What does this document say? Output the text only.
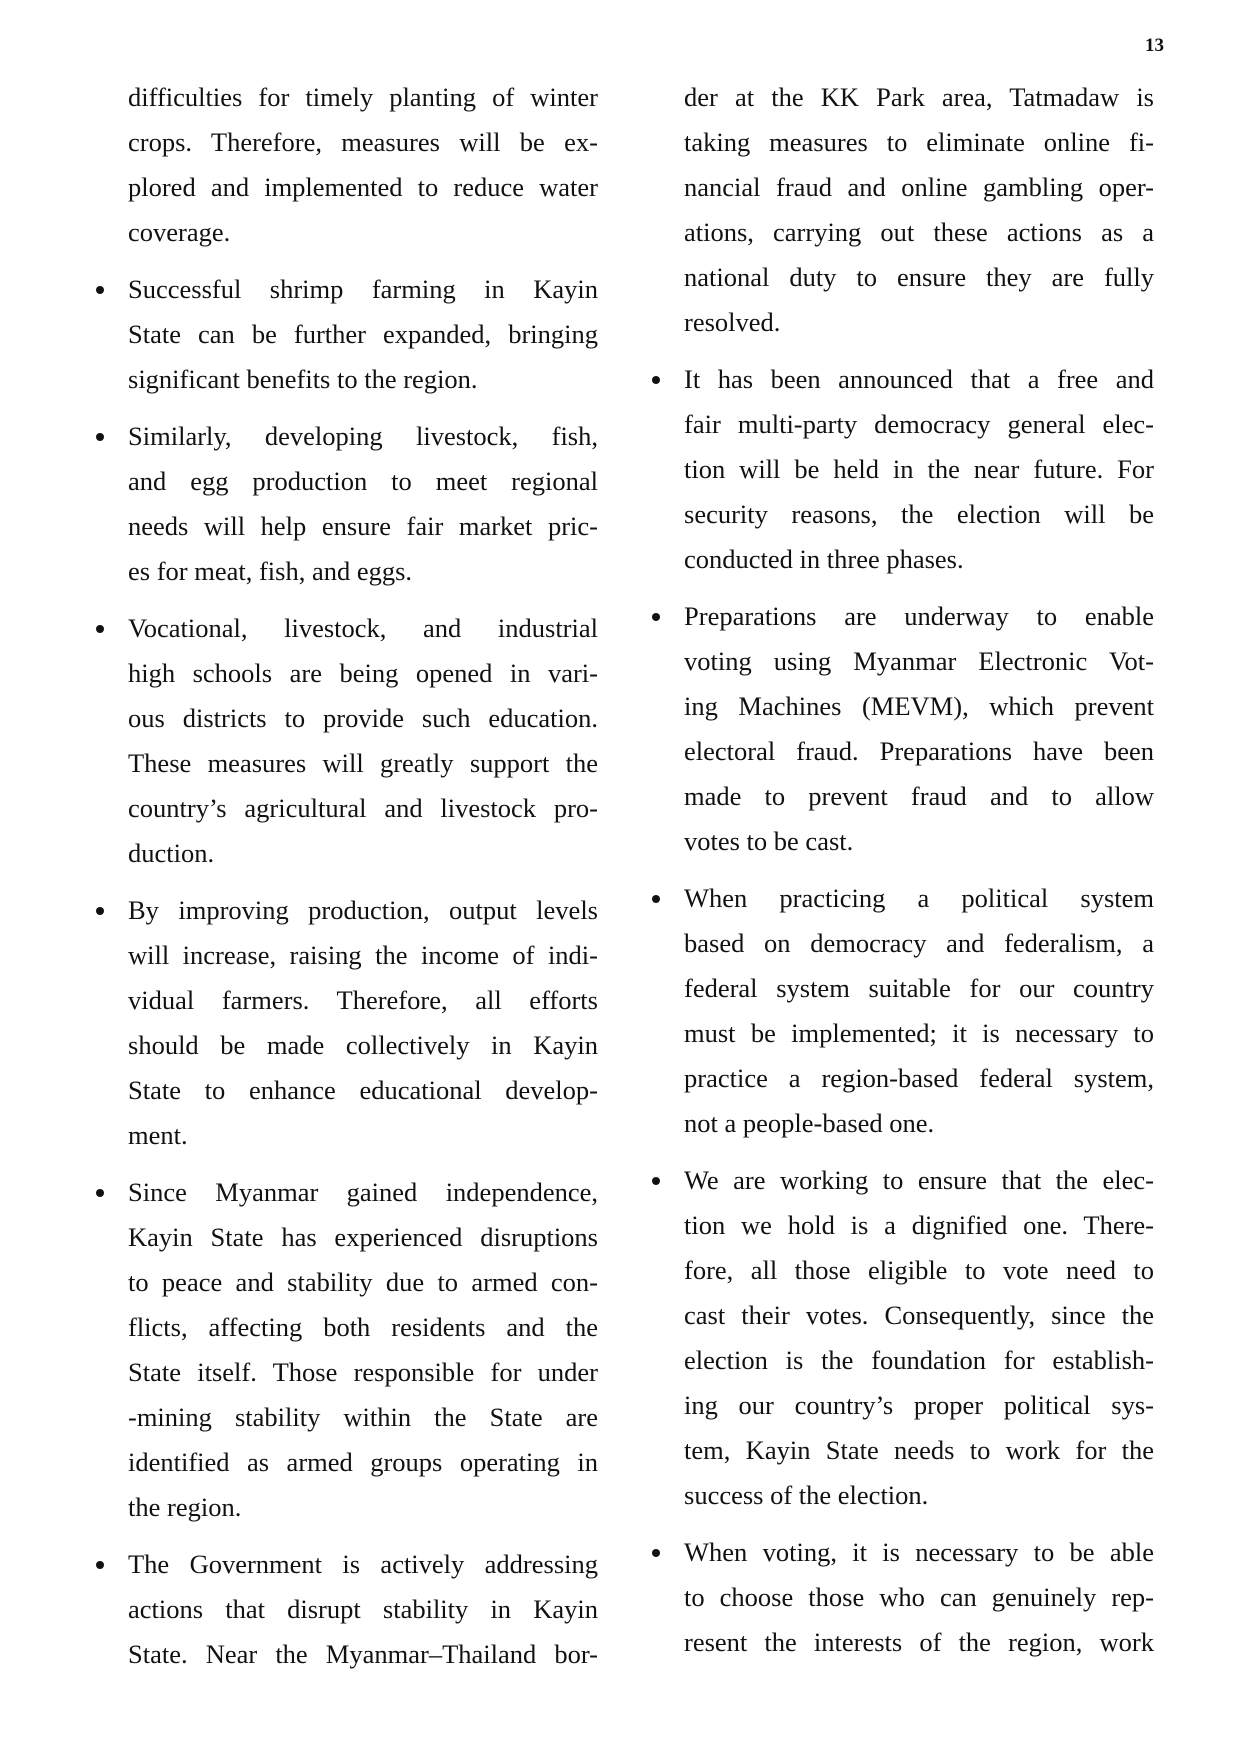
13
difficulties for timely planting of winter
crops. Therefore, measures will be ex-
plored and implemented to reduce water
coverage.
Successful shrimp farming in Kayin
State can be further expanded, bringing
significant benefits to the region.
Similarly, developing livestock, fish,
and egg production to meet regional
needs will help ensure fair market pric-
es for meat, fish, and eggs.
Vocational, livestock, and industrial
high schools are being opened in vari-
ous districts to provide such education.
These measures will greatly support the
country’s agricultural and livestock pro-
duction.
By improving production, output levels
will increase, raising the income of indi-
vidual farmers. Therefore, all efforts
should be made collectively in Kayin
State to enhance educational develop-
ment.
Since Myanmar gained independence,
Kayin State has experienced disruptions
to peace and stability due to armed con-
flicts, affecting both residents and the
State itself. Those responsible for under
-mining stability within the State are
identified as armed groups operating in
the region.
The Government is actively addressing
actions that disrupt stability in Kayin
State. Near the Myanmar–Thailand bor-
der at the KK Park area, Tatmadaw is
taking measures to eliminate online fi-
nancial fraud and online gambling oper-
ations, carrying out these actions as a
national duty to ensure they are fully
resolved.
It has been announced that a free and
fair multi-party democracy general elec-
tion will be held in the near future. For
security reasons, the election will be
conducted in three phases.
Preparations are underway to enable
voting using Myanmar Electronic Vot-
ing Machines (MEVM), which prevent
electoral fraud. Preparations have been
made to prevent fraud and to allow
votes to be cast.
When practicing a political system
based on democracy and federalism, a
federal system suitable for our country
must be implemented; it is necessary to
practice a region-based federal system,
not a people-based one.
We are working to ensure that the elec-
tion we hold is a dignified one. There-
fore, all those eligible to vote need to
cast their votes. Consequently, since the
election is the foundation for establish-
ing our country’s proper political sys-
tem, Kayin State needs to work for the
success of the election.
When voting, it is necessary to be able
to choose those who can genuinely rep-
resent the interests of the region, work
